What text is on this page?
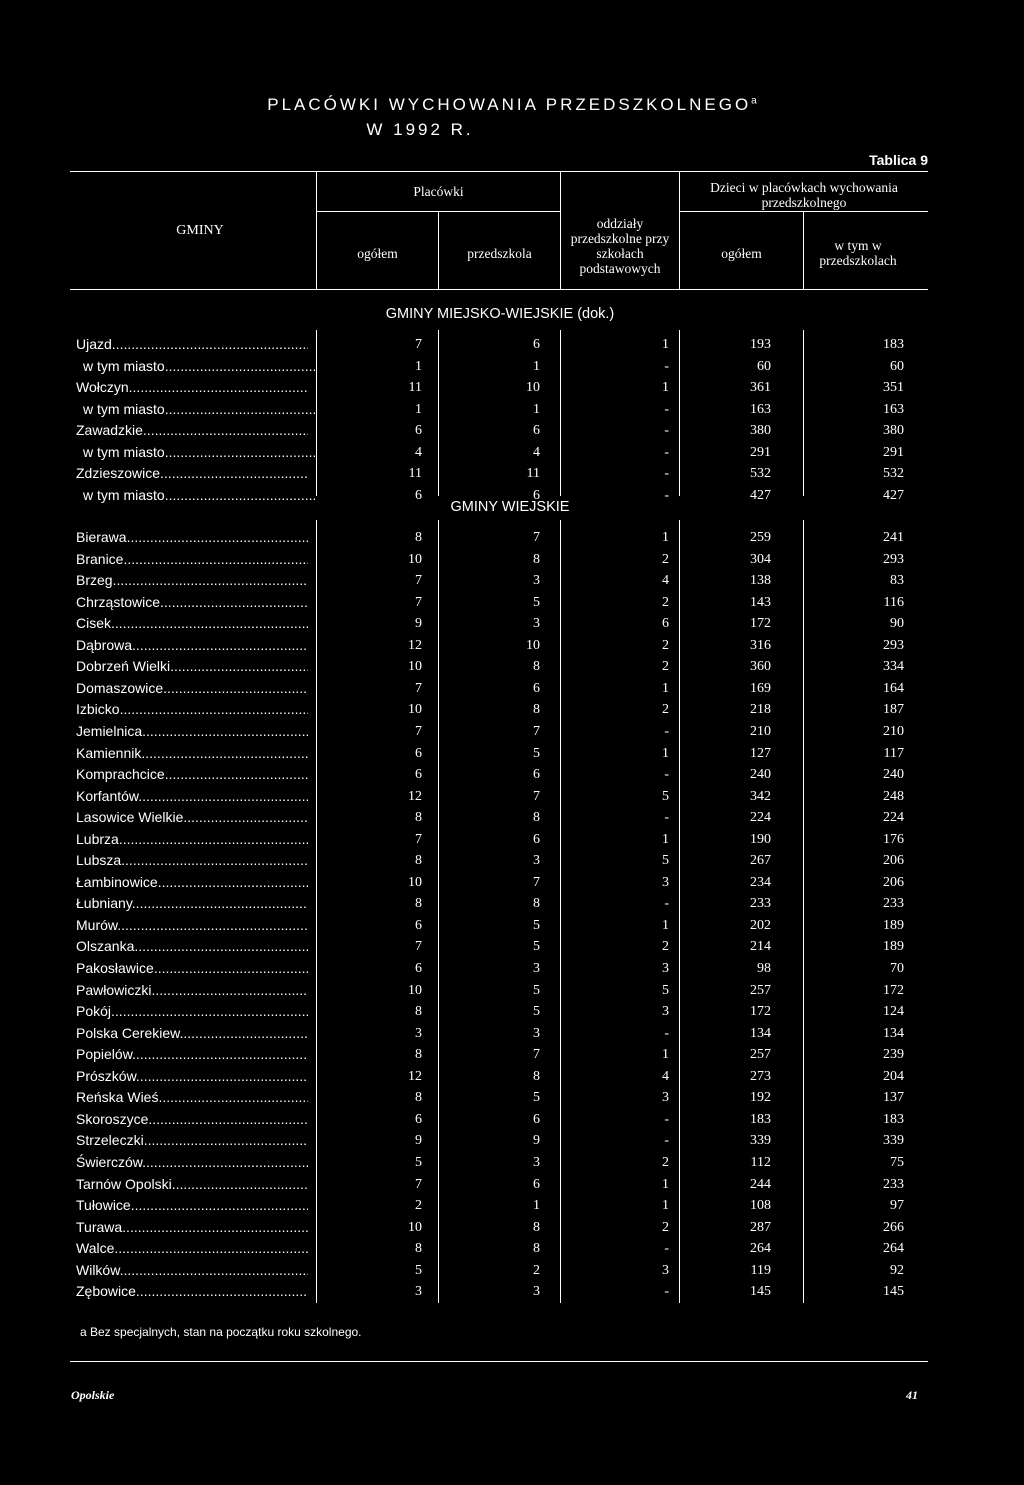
PLACÓWKI WYCHOWANIA PRZEDSZKOLNEGO$^a$
W 1992 R.
Tablica 9
GMINY
Placówki	Dzieci w placówkach wychowania przedszkolnego
ogółem	przedszkola
oddziały przedszkolne przy szkołach podstawowych
ogółem
w tym w przedszkolach
GMINY MIEJSKO-WIEJSKIE (dok.)
GMINY WIEJSKIE
Ujazd .....	7	6	1	193	183
w tym miasto .....	1	1	-	60	60
Wołczyn .....	11	10	1	361	351
w tym miasto .....	1	1	-	163	163
Zawadzkie .....	6	6	-	380	380
w tym miasto .....	4	4	-	291	291
Zdzieszowice .....	11	11	-	532	532
w tym miasto .....	6	6	-	427	427
Bierawa .....	8	7	1	259	241
Branice .....	10	8	2	304	293
Brzeg .....	7	3	4	138	83
Chrząstowice .....	7	5	2	143	116
Cisek .....	9	3	6	172	90
Dąbrowa .....	12	10	2	316	293
Dobrzeń Wielki .....	10	8	2	360	334
Domaszowice .....	7	6	1	169	164
Izbicko .....	10	8	2	218	187
Jemielnica .....	7	7	-	210	210
Kamiennik .....	6	5	1	127	117
Komprachcice .....	6	6	-	240	240
Korfantów .....	12	7	5	342	248
Lasowice Wielkie .....	8	8	-	224	224
Lubrza .....	7	6	1	190	176
Lubsza .....	8	3	5	267	206
Łambinowice .....	10	7	3	234	206
Łubniany .....	8	8	-	233	233
Murów .....	6	5	1	202	189
Olszanka .....	7	5	2	214	189
Pakosławice .....	6	3	3	98	70
Pawłowiczki .....	10	5	5	257	172
Pokój .....	8	5	3	172	124
Polska Cerekiew .....	3	3	-	134	134
Popielów .....	8	7	1	257	239
Prószków .....	12	8	4	273	204
Reńska Wieś .....	8	5	3	192	137
Skoroszyce .....	6	6	-	183	183
Strzeleczki .....	9	9	-	339	339
Świerczów .....	5	3	2	112	75
Tarnów Opolski .....	7	6	1	244	233
Tułowice .....	2	1	1	108	97
Turawa .....	10	8	2	287	266
Walce .....	8	8	-	264	264
Wilków .....	5	2	3	119	92
Zębowice .....	3	3	-	145	145
a Bez specjalnych, stan na początku roku szkolnego.
Opolskie	41
